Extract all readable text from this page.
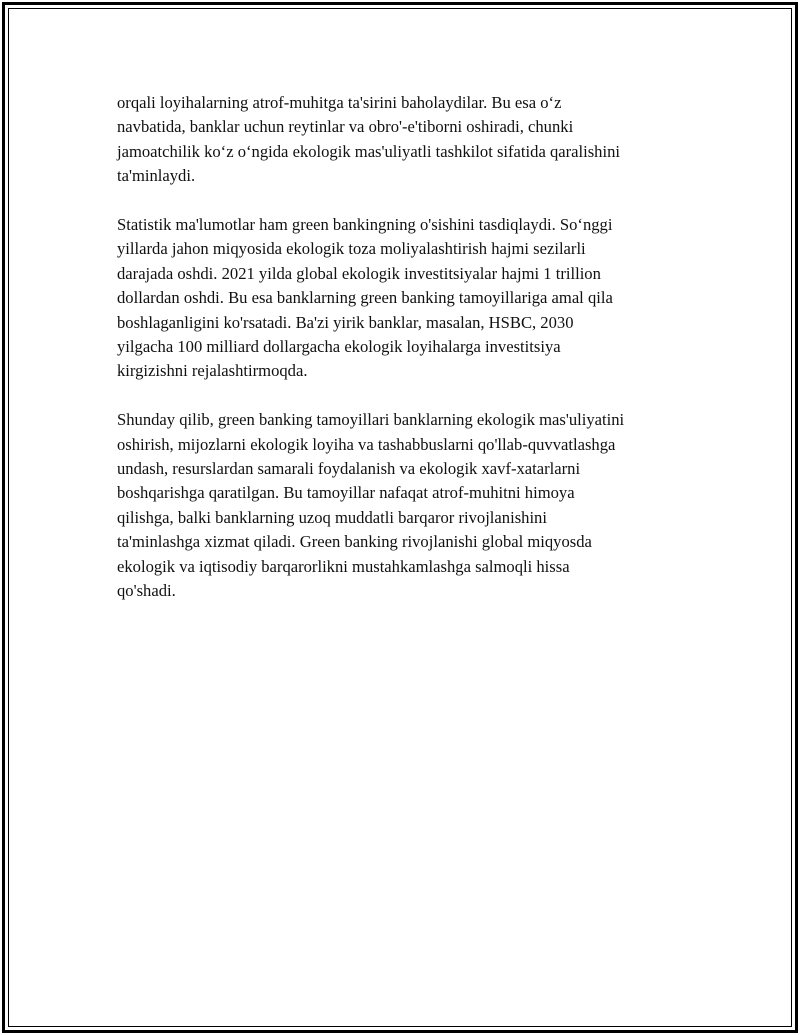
orqali loyihalarning atrof-muhitga ta'sirini baholaydilar. Bu esa o‘z
navbatida, banklar uchun reytinlar va obro'-e'tiborni oshiradi, chunki
jamoatchilik ko‘z o‘ngida ekologik mas'uliyatli tashkilot sifatida qaralishini
ta'minlaydi.

Statistik ma'lumotlar ham green bankingning o'sishini tasdiqlaydi. So‘nggi
yillarda jahon miqyosida ekologik toza moliyalashtirish hajmi sezilarli
darajada oshdi. 2021 yilda global ekologik investitsiyalar hajmi 1 trillion
dollardan oshdi. Bu esa banklarning green banking tamoyillariga amal qila
boshlaganligini ko'rsatadi. Ba'zi yirik banklar, masalan, HSBC, 2030
yilgacha 100 milliard dollargacha ekologik loyihalarga investitsiya
kirgizishni rejalashtirmoqda.

Shunday qilib, green banking tamoyillari banklarning ekologik mas'uliyatini
oshirish, mijozlarni ekologik loyiha va tashabbuslarni qo'llab-quvvatlashga
undash, resurslardan samarali foydalanish va ekologik xavf-xatarlarni
boshqarishga qaratilgan. Bu tamoyillar nafaqat atrof-muhitni himoya
qilishga, balki banklarning uzoq muddatli barqaror rivojlanishini
ta'minlashga xizmat qiladi. Green banking rivojlanishi global miqyosda
ekologik va iqtisodiy barqarorlikni mustahkamlashga salmoqli hissa
qo'shadi.
